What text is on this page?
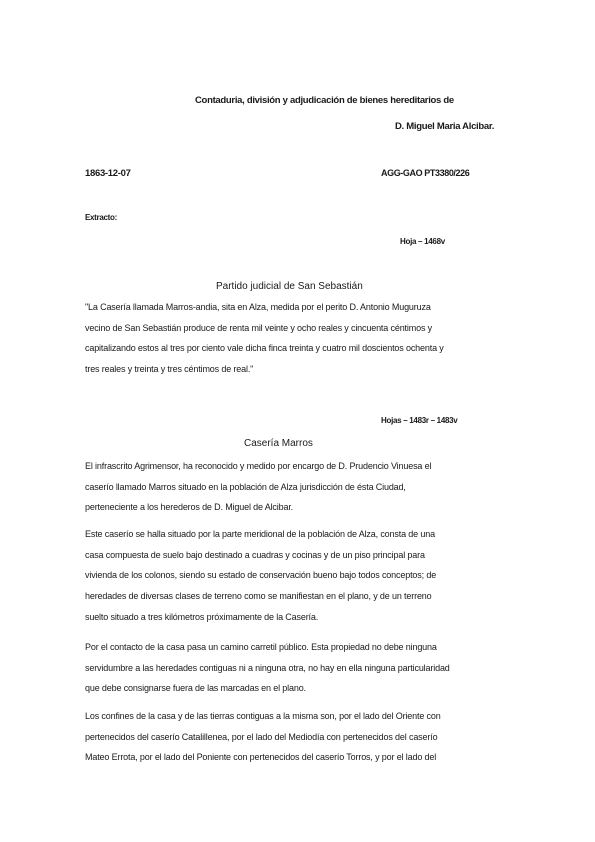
Contaduria, división y adjudicación de bienes hereditarios de
D. Miguel Maria Alcibar.
1863-12-07	AGG-GAO PT3380/226
Extracto:
Hoja – 1468v
Partido judicial de San Sebastián
"La Casería llamada Marros-andia, sita en Alza, medida por el perito D. Antonio Muguruza
vecino de San Sebastián produce de renta mil veinte y ocho reales y cincuenta céntimos y
capitalizando estos al tres por ciento vale dicha finca treinta y cuatro mil doscientos ochenta y
tres reales y treinta y tres céntimos de real."
Hojas – 1483r – 1483v
Casería Marros
El infrascrito Agrimensor, ha reconocido y medido por encargo de D. Prudencio Vinuesa el
caserío llamado Marros situado en la población de Alza jurisdicción de ésta Ciudad,
perteneciente a los herederos de D. Miguel de Alcibar.
Este caserío se halla situado por la parte meridional de la población de Alza, consta de una
casa compuesta de suelo bajo destinado a cuadras y cocinas y de un piso principal para
vivienda de los colonos, siendo su estado de conservación bueno bajo todos conceptos; de
heredades de diversas clases de terreno como se manifiestan en el plano, y de un terreno
suelto situado a tres kilómetros próximamente de la Casería.
Por el contacto de la casa pasa un camino carretil público. Esta propiedad no debe ninguna
servidumbre a las heredades contiguas ni a ninguna otra, no hay en ella ninguna particularidad
que debe consignarse fuera de las marcadas en el plano.
Los confines de la casa y de las tierras contiguas a la misma son, por el lado del Oriente con
pertenecidos del caserío Catalilleneа, por el lado del Mediodía con pertenecidos del caserío
Mateo Errota, por el lado del Poniente con pertenecidos del caserío Torros, y por el lado del
